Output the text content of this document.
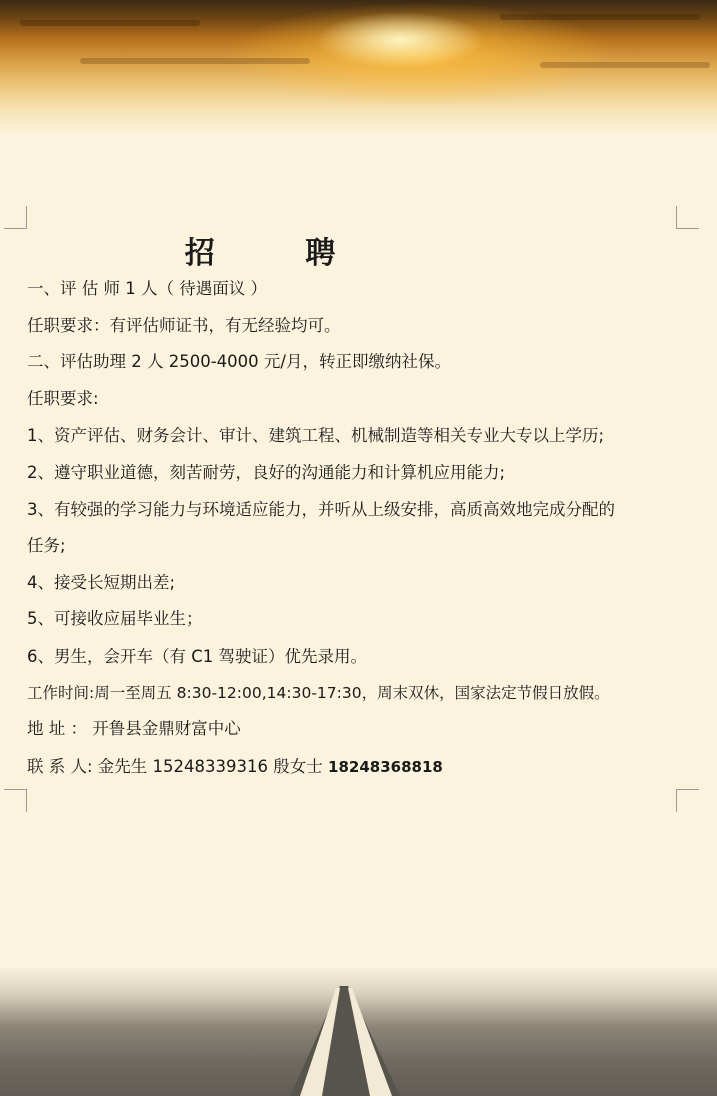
招 聘
一、评 估 师 1 人（ 待遇面议 ）
任职要求：有评估师证书，有无经验均可。
二、评估助理 2 人 2500-4000 元/月，转正即缴纳社保。
任职要求:
1、资产评估、财务会计、审计、建筑工程、机械制造等相关专业大专以上学历;
2、遵守职业道德，刻苦耐劳，良好的沟通能力和计算机应用能力;
3、有较强的学习能力与环境适应能力，并听从上级安排，高质高效地完成分配的
任务;
4、接受长短期出差;
5、可接收应届毕业生；
6、男生，会开车（有 C1 驾驶证）优先录用。
工作时间:周一至周五 8:30-12:00,14:30-17:30，周末双休，国家法定节假日放假。
地 址 ： 开鲁县金鼎财富中心
联 系 人: 金先生 15248339316 殷女士 18248368818
